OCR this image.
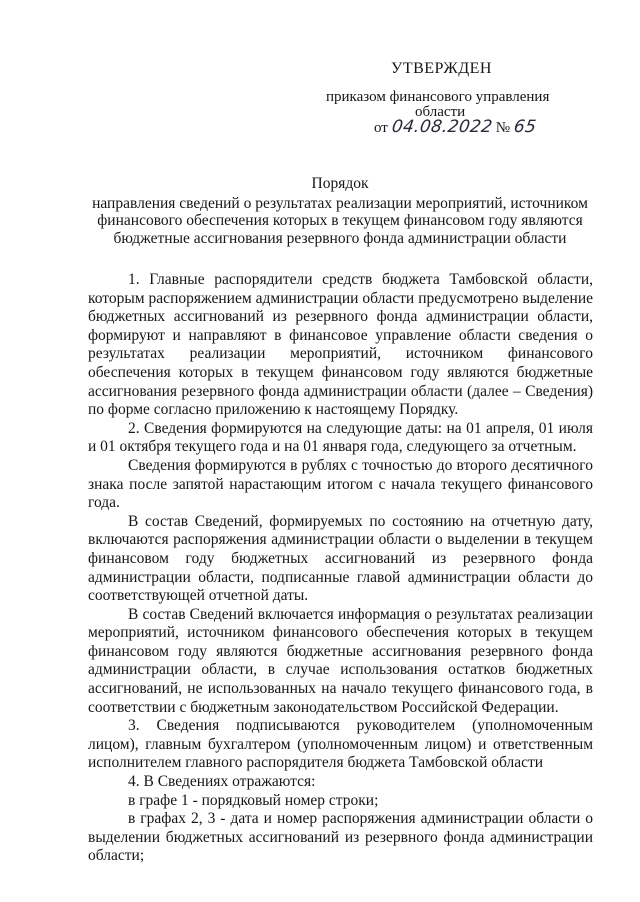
УТВЕРЖДЕН
приказом финансового управления
области
от 04.08.2022 № 65
Порядок
направления сведений о результатах реализации мероприятий, источником финансового обеспечения которых в текущем финансовом году являются бюджетные ассигнования резервного фонда администрации области

1. Главные распорядители средств бюджета Тамбовской области, которым распоряжением администрации области предусмотрено выделение бюджетных ассигнований из резервного фонда администрации области, формируют и направляют в финансовое управление области сведения о результатах реализации мероприятий, источником финансового обеспечения которых в текущем финансовом году являются бюджетные ассигнования резервного фонда администрации области (далее – Сведения) по форме согласно приложению к настоящему Порядку.

2. Сведения формируются на следующие даты: на 01 апреля, 01 июля и 01 октября текущего года и на 01 января года, следующего за отчетным.

Сведения формируются в рублях с точностью до второго десятичного знака после запятой нарастающим итогом с начала текущего финансового года.

В состав Сведений, формируемых по состоянию на отчетную дату, включаются распоряжения администрации области о выделении в текущем финансовом году бюджетных ассигнований из резервного фонда администрации области, подписанные главой администрации области до соответствующей отчетной даты.

В состав Сведений включается информация о результатах реализации мероприятий, источником финансового обеспечения которых в текущем финансовом году являются бюджетные ассигнования резервного фонда администрации области, в случае использования остатков бюджетных ассигнований, не использованных на начало текущего финансового года, в соответствии с бюджетным законодательством Российской Федерации.

3. Сведения подписываются руководителем (уполномоченным лицом), главным бухгалтером (уполномоченным лицом) и ответственным исполнителем главного распорядителя бюджета Тамбовской области

4. В Сведениях отражаются:

в графе 1 - порядковый номер строки;

в графах 2, 3 - дата и номер распоряжения администрации области о выделении бюджетных ассигнований из резервного фонда администрации области;
